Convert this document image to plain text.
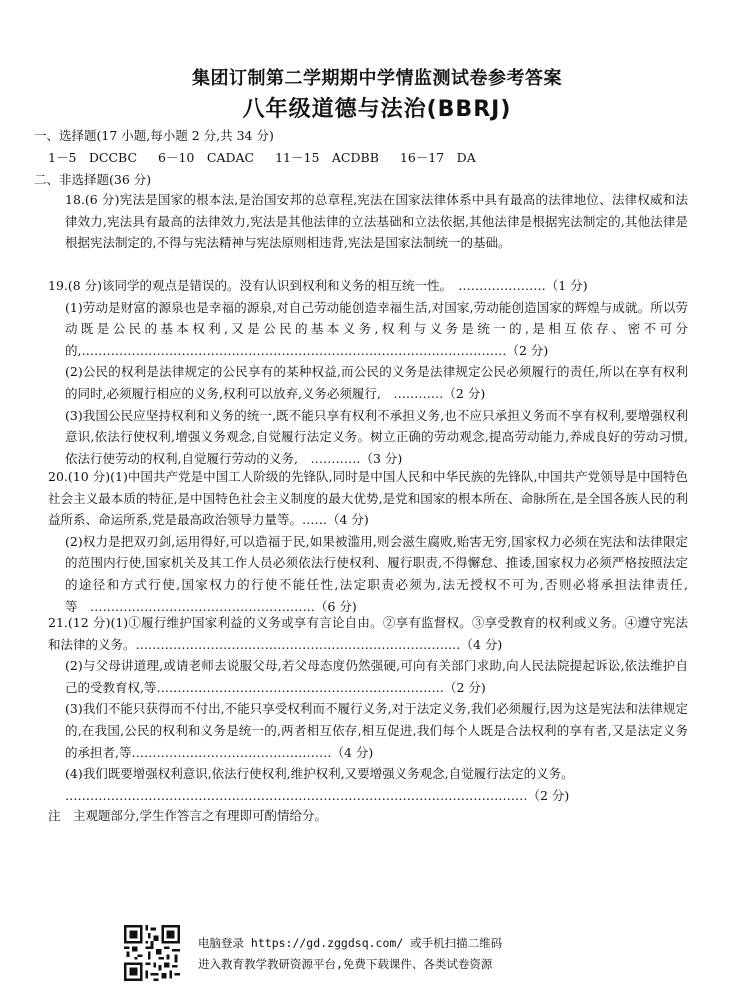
集团订制第二学期期中学情监测试卷参考答案
八年级道德与法治(BBRJ)
一、选择题(17 小题,每小题 2 分,共 34 分)
1－5　DCCBC 6－10　CADAC 11－15　ACDBB 16－17　DA
二、非选择题(36 分)

18.(6 分)宪法是国家的根本法,是治国安邦的总章程,宪法在国家法律体系中具有最高的法律地位、法律权威和法律效力,宪法具有最高的法律效力,宪法是其他法律的立法基础和立法依据,其他法律是根据宪法制定的,其他法律是根据宪法制定的,不得与宪法精神与宪法原则相违背,宪法是国家法制统一的基础。

19.(8 分)该同学的观点是错误的。没有认识到权利和义务的相互统一性。　…………………（1 分)

(1)劳动是财富的源泉也是幸福的源泉,对自己劳动能创造幸福生活,对国家,劳动能创造国家的辉煌与成就。所以劳动既是公民的基本权利,又是公民的基本义务,权利与义务是统一的,是相互依存、密不可分的,…………………………………………………………………………………………（2 分)

(2)公民的权利是法律规定的公民享有的某种权益,而公民的义务是法律规定公民必须履行的责任,所以在享有权利的同时,必须履行相应的义务,权利可以放弃,义务必须履行,　…………（2 分)

(3)我国公民应坚持权利和义务的统一,既不能只享有权利不承担义务,也不应只承担义务而不享有权利,要增强权利意识,依法行使权利,增强义务观念,自觉履行法定义务。树立正确的劳动观念,提高劳动能力,养成良好的劳动习惯,依法行使劳动的权利,自觉履行劳动的义务,　…………（3 分)

20.(10 分)(1)中国共产党是中国工人阶级的先锋队,同时是中国人民和中华民族的先锋队,中国共产党领导是中国特色社会主义最本质的特征,是中国特色社会主义制度的最大优势,是党和国家的根本所在、命脉所在,是全国各族人民的利益所系、命运所系,党是最高政治领导力量等。……（4 分)

(2)权力是把双刃剑,运用得好,可以造福于民,如果被滥用,则会滋生腐败,贻害无穷,国家权力必须在宪法和法律限定的范围内行使,国家机关及其工作人员必须依法行使权利、履行职责,不得懈怠、推诿,国家权力必须严格按照法定的途径和方式行使,国家权力的行使不能任性,法定职责必须为,法无授权不可为,否则必将承担法律责任,等　………………………………………………（6 分)

21.(12 分)(1)①履行维护国家利益的义务或享有言论自由。②享有监督权。③享受教育的权利或义务。④遵守宪法和法律的义务。……………………………………………………………………（4 分)

(2)与父母讲道理,或请老师去说服父母,若父母态度仍然强硬,可向有关部门求助,向人民法院提起诉讼,依法维护自己的受教育权,等……………………………………………………………（2 分)

(3)我们不能只获得而不付出,不能只享受权利而不履行义务,对于法定义务,我们必须履行,因为这是宪法和法律规定的,在我国,公民的权利和义务是统一的,两者相互依存,相互促进,我们每个人既是合法权利的享有者,又是法定义务的承担者,等…………………………………………（4 分)

(4)我们既要增强权利意识,依法行使权利,维护权利,又要增强义务观念,自觉履行法定的义务。

…………………………………………………………………………………………………（2 分)

注　主观题部分,学生作答言之有理即可酌情给分。
电脑登录 https://gd.zggdsq.com/ 或手机扫描二维码
进入教育教学教研资源平台,免费下载课件、各类试卷资源
